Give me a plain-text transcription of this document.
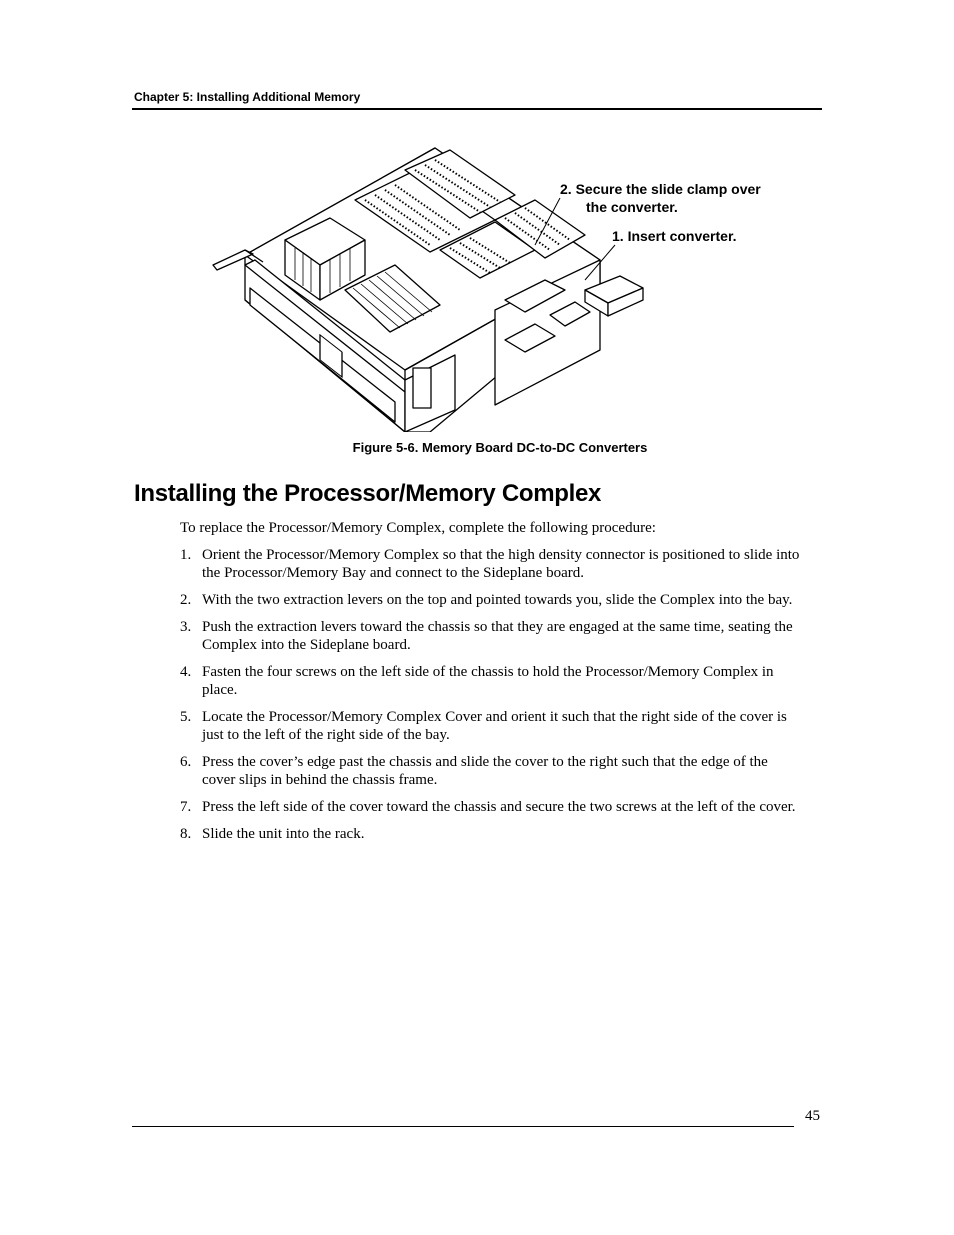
Chapter 5: Installing Additional Memory
2. Secure the slide clamp over
the converter.
1. Insert converter.
Figure 5-6. Memory Board DC-to-DC Converters
Installing the Processor/Memory Complex

To replace the Processor/Memory Complex, complete the following procedure:

1. Orient the Processor/Memory Complex so that the high density connector is positioned to slide into the Processor/Memory Bay and connect to the Sideplane board.
2. With the two extraction levers on the top and pointed towards you, slide the Complex into the bay.
3. Push the extraction levers toward the chassis so that they are engaged at the same time, seating the Complex into the Sideplane board.
4. Fasten the four screws on the left side of the chassis to hold the Processor/Memory Complex in place.
5. Locate the Processor/Memory Complex Cover and orient it such that the right side of the cover is just to the left of the right side of the bay.
6. Press the cover’s edge past the chassis and slide the cover to the right such that the edge of the cover slips in behind the chassis frame.
7. Press the left side of the cover toward the chassis and secure the two screws at the left of the cover.
8. Slide the unit into the rack.
45
